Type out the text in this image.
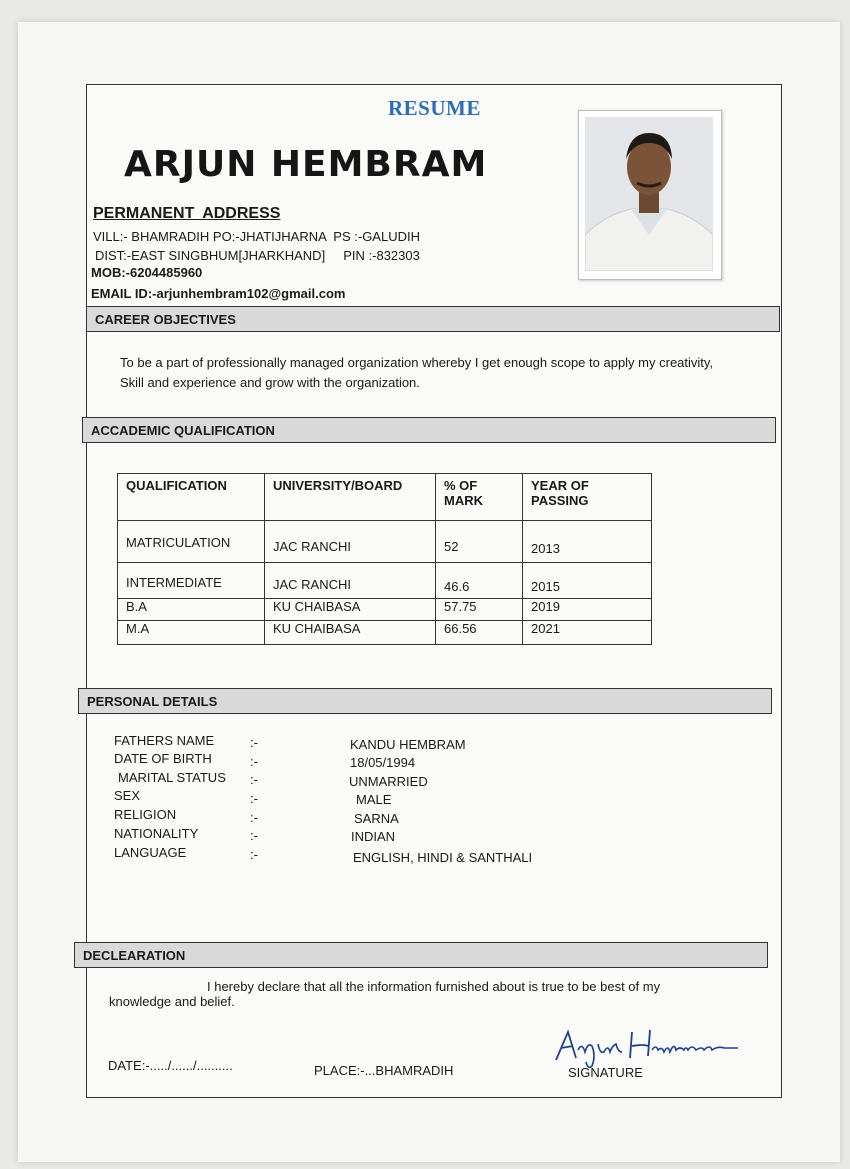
RESUME
ARJUN HEMBRAM
PERMANENT ADDRESS
VILL:- BHAMRADIH PO:-JHATIJHARNA  PS :-GALUDIH
DIST:-EAST SINGBHUM[JHARKHAND]     PIN :-832303
MOB:-6204485960
EMAIL ID:-arjunhembram102@gmail.com
CAREER OBJECTIVES
To be a part of professionally managed organization whereby I get enough scope to apply my creativity,
Skill and experience and grow with the organization.
ACCADEMIC QUALIFICATION
QUALIFICATION	UNIVERSITY/BOARD	% OF MARK	YEAR OF PASSING
MATRICULATION	JAC RANCHI	52	2013
INTERMEDIATE	JAC RANCHI	46.6	2015
B.A	KU CHAIBASA	57.75	2019
M.A	KU CHAIBASA	66.56	2021
PERSONAL DETAILS
FATHERS NAME	:-	KANDU HEMBRAM
DATE OF BIRTH	:-	18/05/1994
MARITAL STATUS :-	UNMARRIED
SEX	:-	MALE
RELIGION	:-	SARNA
NATIONALITY	:-	INDIAN
LANGUAGE	:-	ENGLISH, HINDI & SANTHALI
DECLEARATION
I hereby declare that all the information furnished about is true to be best of my
knowledge and belief.
DATE:-...../....../..........	PLACE:-...BHAMRADIH	SIGNATURE
